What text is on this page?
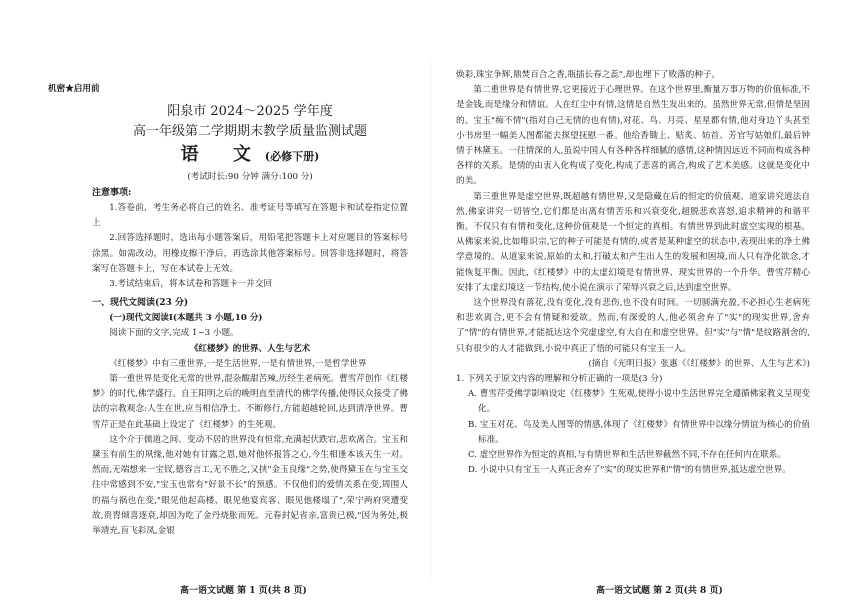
机密★启用前

阳泉市 2024～2025 学年度

高一年级第二学期期末教学质量监测试题

语 文(必修下册)

(考试时长:90 分钟 满分:100 分)

注意事项:

1.答卷前，考生务必将自己的姓名、准考证号等填写在答题卡和试卷指定位置上

2.回答选择题时，选出每小题答案后，用铅笔把答题卡上对应题目的答案标号涂黑。如需改动，用橡皮擦干净后，再选涂其他答案标号。回答非选择题时，将答案写在答题卡上，写在本试卷上无效。

3.考试结束后，将本试卷和答题卡一并交回

一、现代文阅读(23 分)

(一)现代文阅读Ⅰ(本题共 3 小题,10 分)

阅读下面的文字,完成 1~3 小题。

《红楼梦》的世界、人生与艺术

《红楼梦》中有三重世界,一是生活世界,一是有情世界,一是哲学世界

第一重世界是变化无常的世界,混杂酸甜苦辣,历经生老病死。曹雪芹创作《红楼梦》的时代,佛学盛行。自王阳明之后的晚明直至清代的佛学传播,使得民众接受了佛法的宗教观念:人生在世,应当相信净土、不断修行,方能超越轮回,达到清净世界。曹雪芹正是在此基础上设定了《红楼梦》的生死观。

这个介于儒道之间、变动不居的世界没有恒常,充满起伏跌宕,悲欢离合。宝玉和黛玉有前生的夙缘,他对她有甘露之恩,她对他怀报答之心,今生相逢本该天生一对。然而,无端想来一宝钗,德容言工,无不胜之,又挟"金玉良缘"之势,使得黛玉在与宝玉交往中常感到不安,"宝玉也常有"好景不长"的预感。不仅他们的爱情关系在变,周围人的福与祸也在变,"眼见他起高楼、眼见他宴宾客、眼见他楼塌了",荣宁两府突遭变故,贵胄倾喜逐衰,却因为吃了金丹烧胀而死。元春封妃省亲,富贵已极,"因为务处,极举靖充,盲飞彩凤,金银

焕彩,珠宝争辉,鼎焚百合之香,瓶插长春之蕊",却也埋下了败落的种子。

第二重世界是有情世界,它更接近于心理世界。在这个世界里,衡量万事万物的价值标准,不是金钱,而是缘分和情谊。人在红尘中有情,这情是自然生发出来的。虽然世界无常,但情是坚固的。宝玉"痴不情"(指对自己无情的也有情),对花、鸟、月亮、星星都有情,他对身边丫头甚至小书房里一幅美人图都能去探望抚慰一番。他给香锄上、贴炙、妨首、芳官写姑娘们,最后钟情于林黛玉。一往情深的人,虽说中国人有各种各样细腻的感情,这种情因远近不同而构成各种各样的关系。是情的由衷入化构成了变化,构成了悲喜的离合,构成了艺术美感。这就是变化中的美。

第三重世界是虚空世界,既超越有情世界,又是隐藏在后的恒定的价值观。道家讲究道法自然,佛家讲究一切皆空,它们都是出离有情苦乐和兴衰变化,超脱悲欢喜怒,追求精神的和谐平衡。不仅只有有情和变化,这种价值观是一个恒定的真相。有情世界到此时虚空实现的根基。从佛家来说,比如唯识宗,它的种子可能是有情的,或者是某种虚空的状态中,表现出来的净土佛学意境的。从道家来说,原始的太和,打破太和产生出人生的发展和困境,而人只有净化欲念,才能恢复平衡。因此,《红楼梦》中的太虚幻境是有情世界、现实世界的一个升华。曹雪芹精心安排了太虚幻境这一节结构,使小说在演示了荣辱兴衰之后,达到虚空世界。

这个世界没有落花,没有变化,没有悲伤,也不没有时间。一切圆满充盈,不必担心生老病死和悲欢离合,更不会有情疑和爱欲。然而,有深爱的人,他必须舍弃了"实"的现实世界,舍弃了"情"的有情世界,才能抵达这个究虚虚空,有大自在和虚空世界。但"实"与"情"是纹路割舍的,只有很少的人才能做到,小说中真正了悟的可能只有宝玉一人。

(摘自《光明日报》张惠《《红楼梦》的世界、人生与艺术》)

1. 下列关于原文内容的理解和分析正确的一项是(3 分)

A. 曹雪芹受佛学影响设定《红楼梦》生死观,使得小说中生活世界完全遵循佛家教义呈现变化。

B. 宝玉对花、鸟及美人图等的情感,体现了《红楼梦》有情世界中以缘分情谊为核心的价值标准。

C. 虚空世界作为恒定的真相,与有情世界和生活世界截然不同,不存在任何内在联系。

D. 小说中只有宝玉一人真正舍弃了"实"的现实世界和"情"的有情世界,抵达虚空世界。

高一语文试题 第 1 页(共 8 页)	高一语文试题 第 2 页(共 8 页)
